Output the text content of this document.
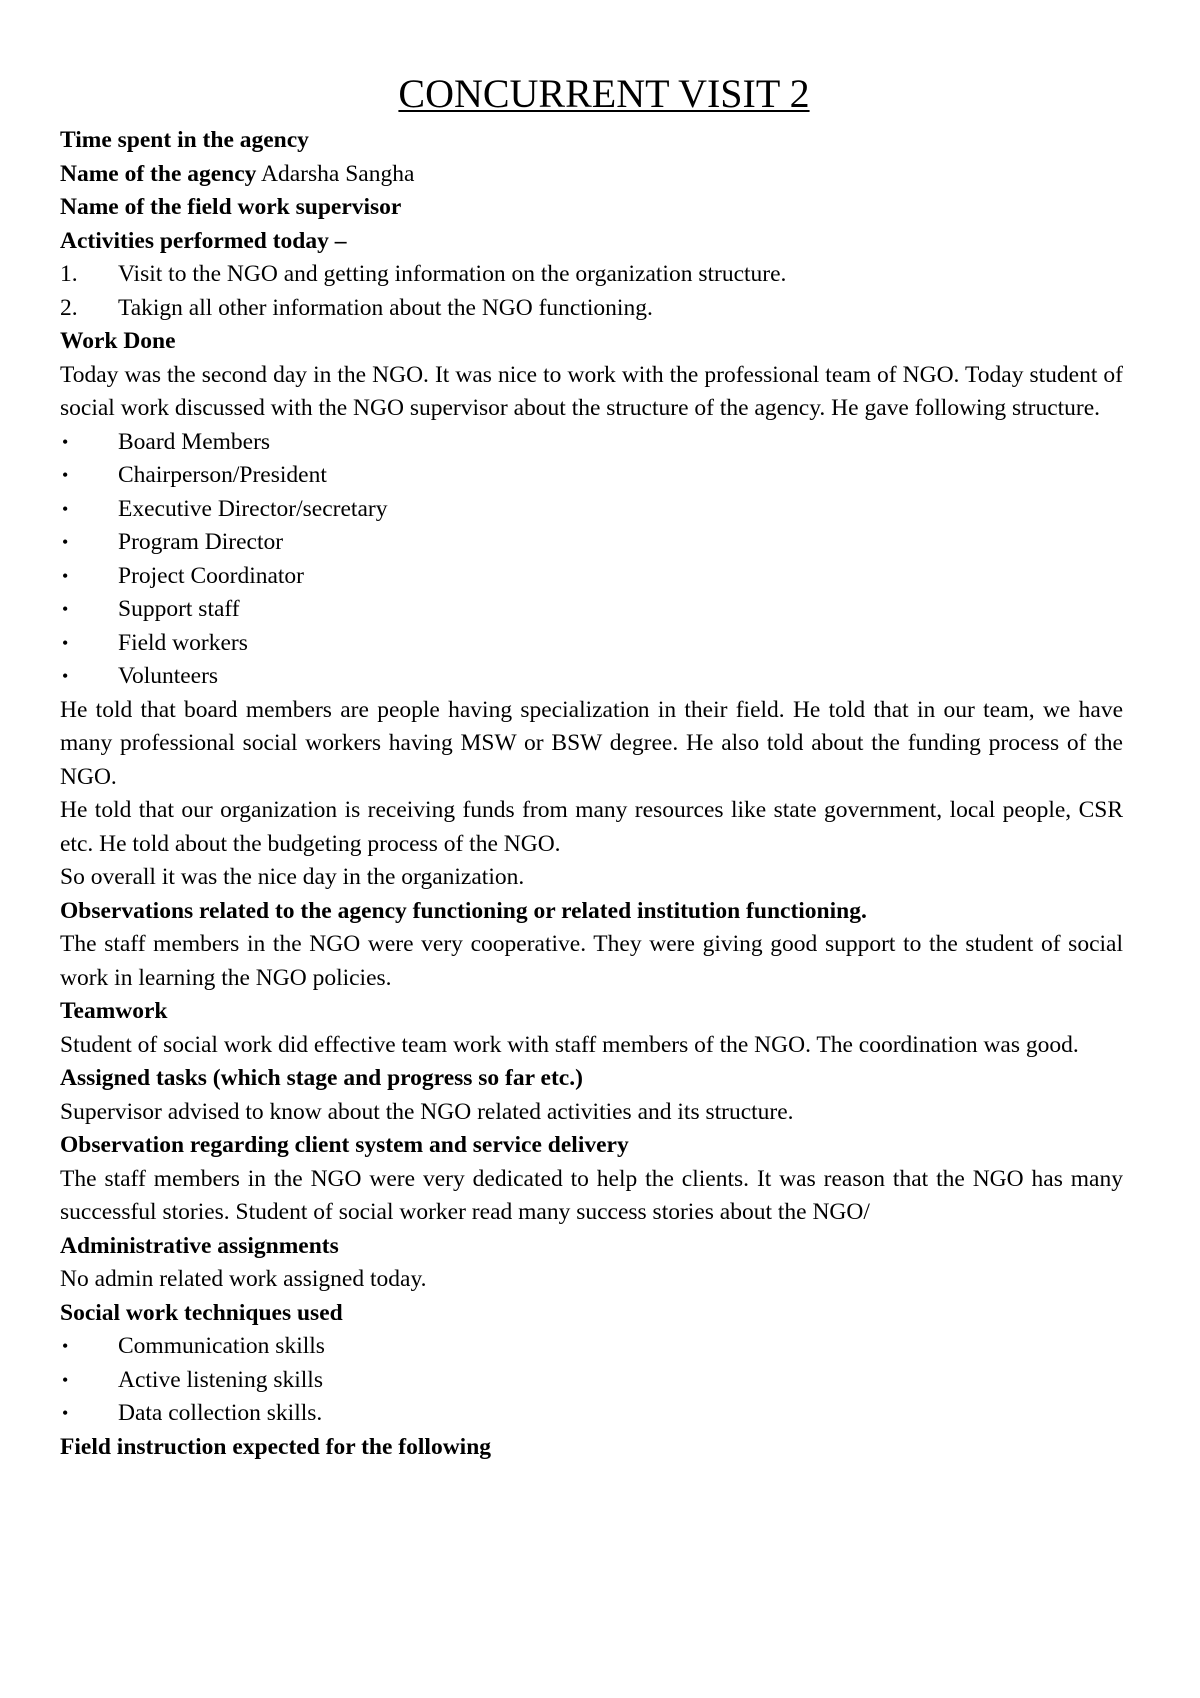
CONCURRENT VISIT 2

Time spent in the agency

Name of the agency Adarsha Sangha

Name of the field work supervisor

Activities performed today –

1. Visit to the NGO and getting information on the organization structure.
2. Takign all other information about the NGO functioning.

Work Done

Today was the second day in the NGO. It was nice to work with the professional team of NGO. Today student of social work discussed with the NGO supervisor about the structure of the agency. He gave following structure.

• Board Members
• Chairperson/President
• Executive Director/secretary
• Program Director
• Project Coordinator
• Support staff
• Field workers
• Volunteers

He told that board members are people having specialization in their field. He told that in our team, we have many professional social workers having MSW or BSW degree. He also told about the funding process of the NGO.

He told that our organization is receiving funds from many resources like state government, local people, CSR etc. He told about the budgeting process of the NGO.

So overall it was the nice day in the organization.

Observations related to the agency functioning or related institution functioning.

The staff members in the NGO were very cooperative. They were giving good support to the student of social work in learning the NGO policies.

Teamwork

Student of social work did effective team work with staff members of the NGO. The coordination was good.

Assigned tasks (which stage and progress so far etc.)

Supervisor advised to know about the NGO related activities and its structure.

Observation regarding client system and service delivery

The staff members in the NGO were very dedicated to help the clients. It was reason that the NGO has many successful stories. Student of social worker read many success stories about the NGO/

Administrative assignments

No admin related work assigned today.

Social work techniques used

• Communication skills
• Active listening skills
• Data collection skills.

Field instruction expected for the following
